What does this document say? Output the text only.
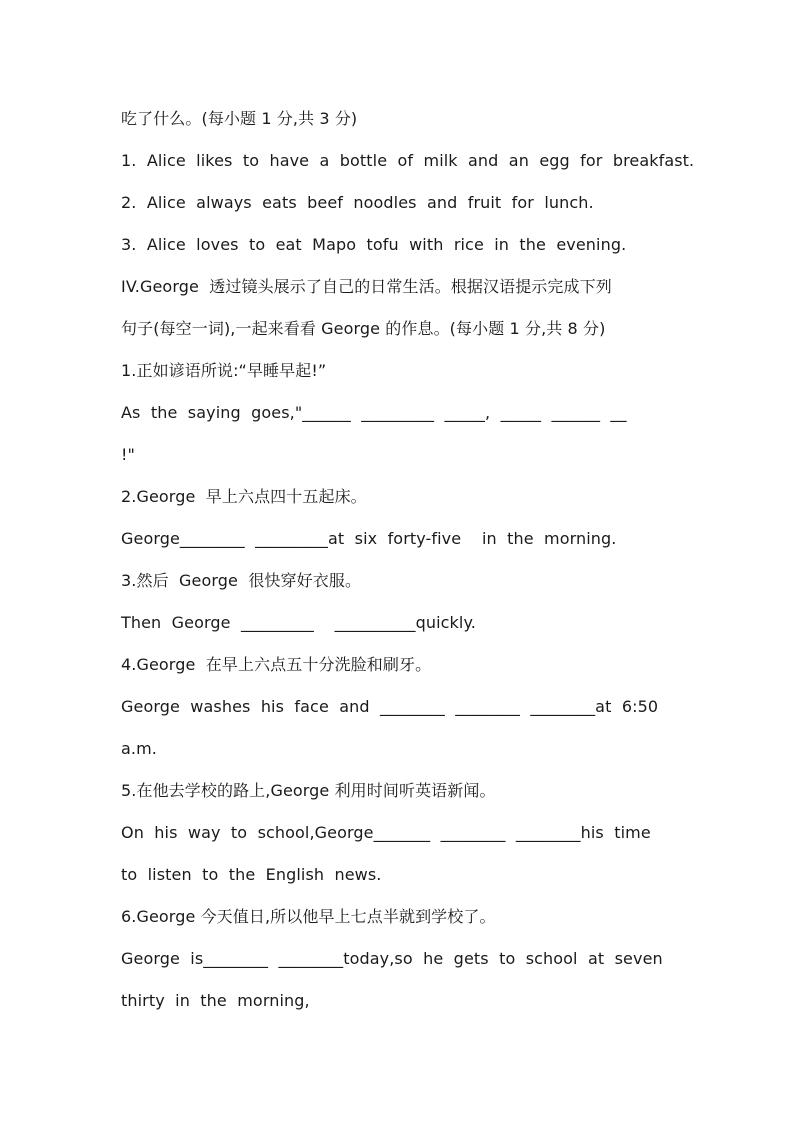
吃了什么。(每小题 1 分,共 3 分)
1.  Alice  likes  to  have  a  bottle  of  milk  and  an  egg  for  breakfast.
2.  Alice  always  eats  beef  noodles  and  fruit  for  lunch.
3.  Alice  loves  to  eat  Mapo  tofu  with  rice  in  the  evening.
IV.George  透过镜头展示了自己的日常生活。根据汉语提示完成下列
句子(每空一词),一起来看看 George 的作息。(每小题 1 分,共 8 分)
1.正如谚语所说:“早睡早起!”
As  the  saying  goes,"______  _________  _____,  _____  ______  __
!"
2.George  早上六点四十五起床。
George________  _________at  six  forty-five    in  the  morning.
3.然后  George  很快穿好衣服。
Then  George  _________    __________quickly.
4.George  在早上六点五十分洗脸和刷牙。
George  washes  his  face  and  ________  ________  ________at  6:50
a.m.
5.在他去学校的路上,George 利用时间听英语新闻。
On  his  way  to  school,George_______  ________  ________his  time
to  listen  to  the  English  news.
6.George 今天值日,所以他早上七点半就到学校了。
George  is________  ________today,so  he  gets  to  school  at  seven
thirty  in  the  morning,
